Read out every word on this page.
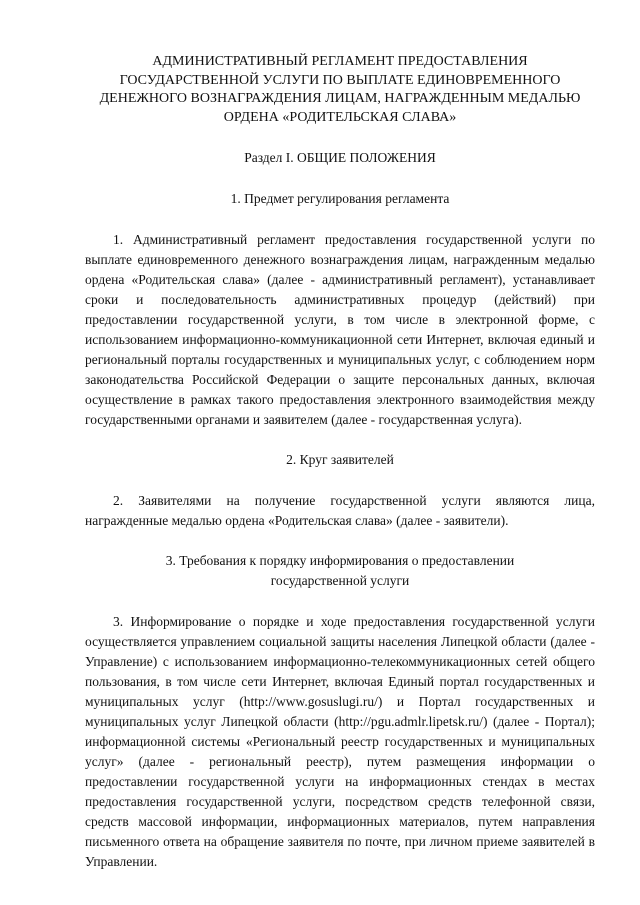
АДМИНИСТРАТИВНЫЙ РЕГЛАМЕНТ ПРЕДОСТАВЛЕНИЯ ГОСУДАРСТВЕННОЙ УСЛУГИ ПО ВЫПЛАТЕ ЕДИНОВРЕМЕННОГО ДЕНЕЖНОГО ВОЗНАГРАЖДЕНИЯ ЛИЦАМ, НАГРАЖДЕННЫМ МЕДАЛЬЮ ОРДЕНА «РОДИТЕЛЬСКАЯ СЛАВА»
Раздел I. ОБЩИЕ ПОЛОЖЕНИЯ
1. Предмет регулирования регламента

1. Административный регламент предоставления государственной услуги по выплате единовременного денежного вознаграждения лицам, награжденным медалью ордена «Родительская слава» (далее - административный регламент), устанавливает сроки и последовательность административных процедур (действий) при предоставлении государственной услуги, в том числе в электронной форме, с использованием информационно-коммуникационной сети Интернет, включая единый и региональный порталы государственных и муниципальных услуг, с соблюдением норм законодательства Российской Федерации о защите персональных данных, включая осуществление в рамках такого предоставления электронного взаимодействия между государственными органами и заявителем (далее - государственная услуга).

2. Круг заявителей

2. Заявителями на получение государственной услуги являются лица, награжденные медалью ордена «Родительская слава» (далее - заявители).

3. Требования к порядку информирования о предоставлении государственной услуги

3. Информирование о порядке и ходе предоставления государственной услуги осуществляется управлением социальной защиты населения Липецкой области (далее - Управление) с использованием информационно-телекоммуникационных сетей общего пользования, в том числе сети Интернет, включая Единый портал государственных и муниципальных услуг (http://www.gosuslugi.ru/) и Портал государственных и муниципальных услуг Липецкой области (http://pgu.admlr.lipetsk.ru/) (далее - Портал); информационной системы «Региональный реестр государственных и муниципальных услуг» (далее - региональный реестр), путем размещения информации о предоставлении государственной услуги на информационных стендах в местах предоставления государственной услуги, посредством средств телефонной связи, средств массовой информации, информационных материалов, путем направления письменного ответа на обращение заявителя по почте, при личном приеме заявителей в Управлении.
